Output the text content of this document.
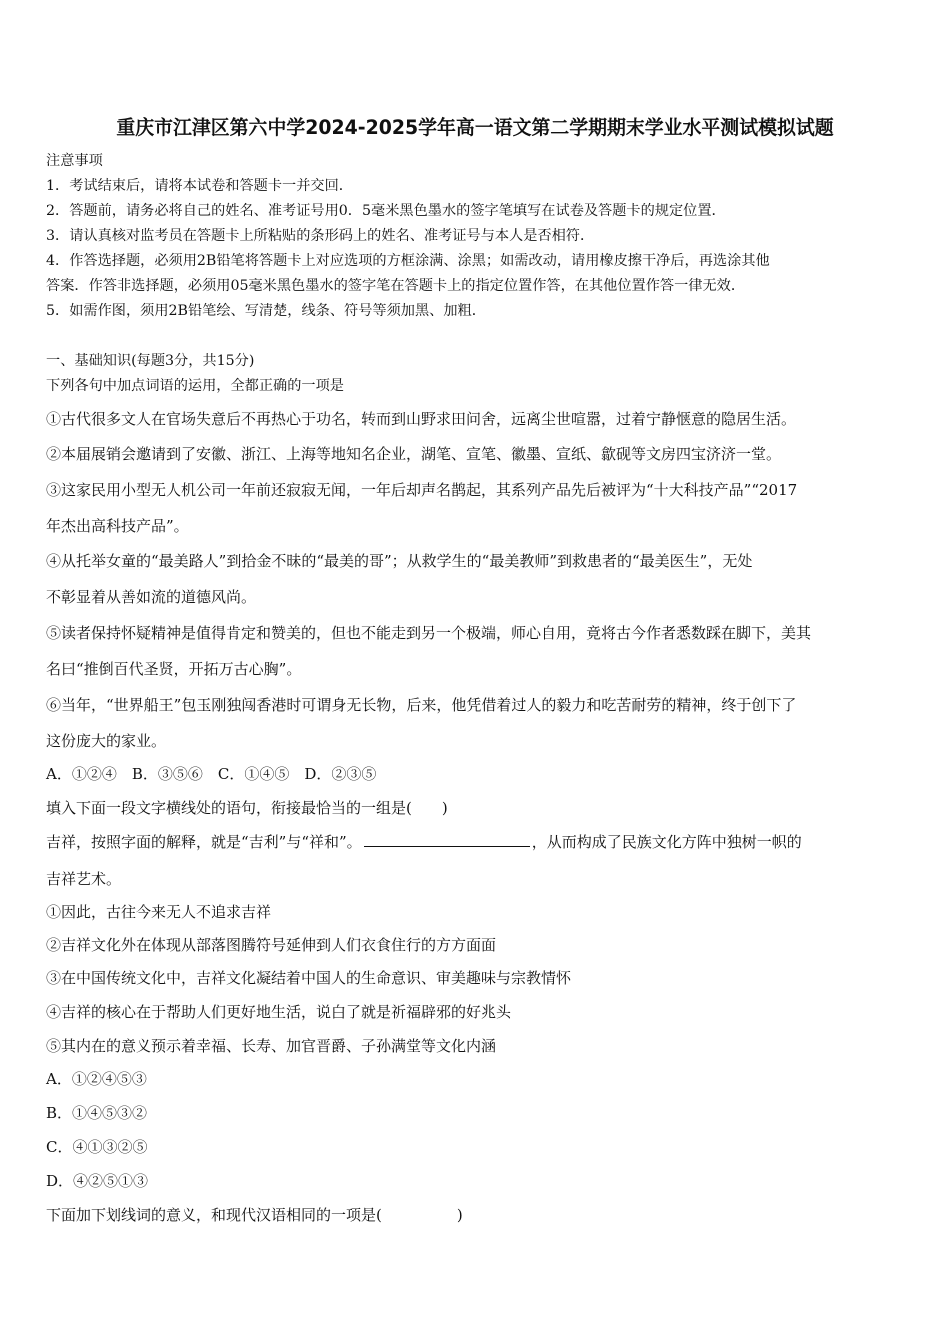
重庆市江津区第六中学2024-2025学年高一语文第二学期期末学业水平测试模拟试题
注意事项
1．考试结束后，请将本试卷和答题卡一并交回．
2．答题前，请务必将自己的姓名、准考证号用0．5毫米黑色墨水的签字笔填写在试卷及答题卡的规定位置．
3．请认真核对监考员在答题卡上所粘贴的条形码上的姓名、准考证号与本人是否相符．
4．作答选择题，必须用2B铅笔将答题卡上对应选项的方框涂满、涂黑；如需改动，请用橡皮擦干净后，再选涂其他
答案．作答非选择题，必须用05毫米黑色墨水的签字笔在答题卡上的指定位置作答，在其他位置作答一律无效．
5．如需作图，须用2B铅笔绘、写清楚，线条、符号等须加黑、加粗．
一、基础知识(每题3分，共15分)
下列各句中加点词语的运用，全都正确的一项是
①古代很多文人在官场失意后不再热心于功名，转而到山野求田问舍，远离尘世喧嚣，过着宁静惬意的隐居生活。
②本届展销会邀请到了安徽、浙江、上海等地知名企业，湖笔、宣笔、徽墨、宣纸、歙砚等文房四宝济济一堂。
③这家民用小型无人机公司一年前还寂寂无闻，一年后却声名鹊起，其系列产品先后被评为“十大科技产品”“2017
年杰出高科技产品”。
④从托举女童的“最美路人”到拾金不昧的“最美的哥”；从救学生的“最美教师”到救患者的“最美医生”，无处
不彰显着从善如流的道德风尚。
⑤读者保持怀疑精神是值得肯定和赞美的，但也不能走到另一个极端，师心自用，竟将古今作者悉数踩在脚下，美其
名曰“推倒百代圣贤，开拓万古心胸”。
⑥当年，“世界船王”包玉刚独闯香港时可谓身无长物，后来，他凭借着过人的毅力和吃苦耐劳的精神，终于创下了
这份庞大的家业。
A．①②④　B．③⑤⑥　C．①④⑤　D．②③⑤
填入下面一段文字横线处的语句，衔接最恰当的一组是(　　)
吉祥，按照字面的解释，就是“吉利”与“祥和”。	，从而构成了民族文化方阵中独树一帜的
吉祥艺术。
①因此，古往今来无人不追求吉祥
②吉祥文化外在体现从部落图腾符号延伸到人们衣食住行的方方面面
③在中国传统文化中，吉祥文化凝结着中国人的生命意识、审美趣味与宗教情怀
④吉祥的核心在于帮助人们更好地生活，说白了就是祈福辟邪的好兆头
⑤其内在的意义预示着幸福、长寿、加官晋爵、子孙满堂等文化内涵
A．①②④⑤③
B．①④⑤③②
C．④①③②⑤
D．④②⑤①③
下面加下划线词的意义，和现代汉语相同的一项是(　　　　　)
